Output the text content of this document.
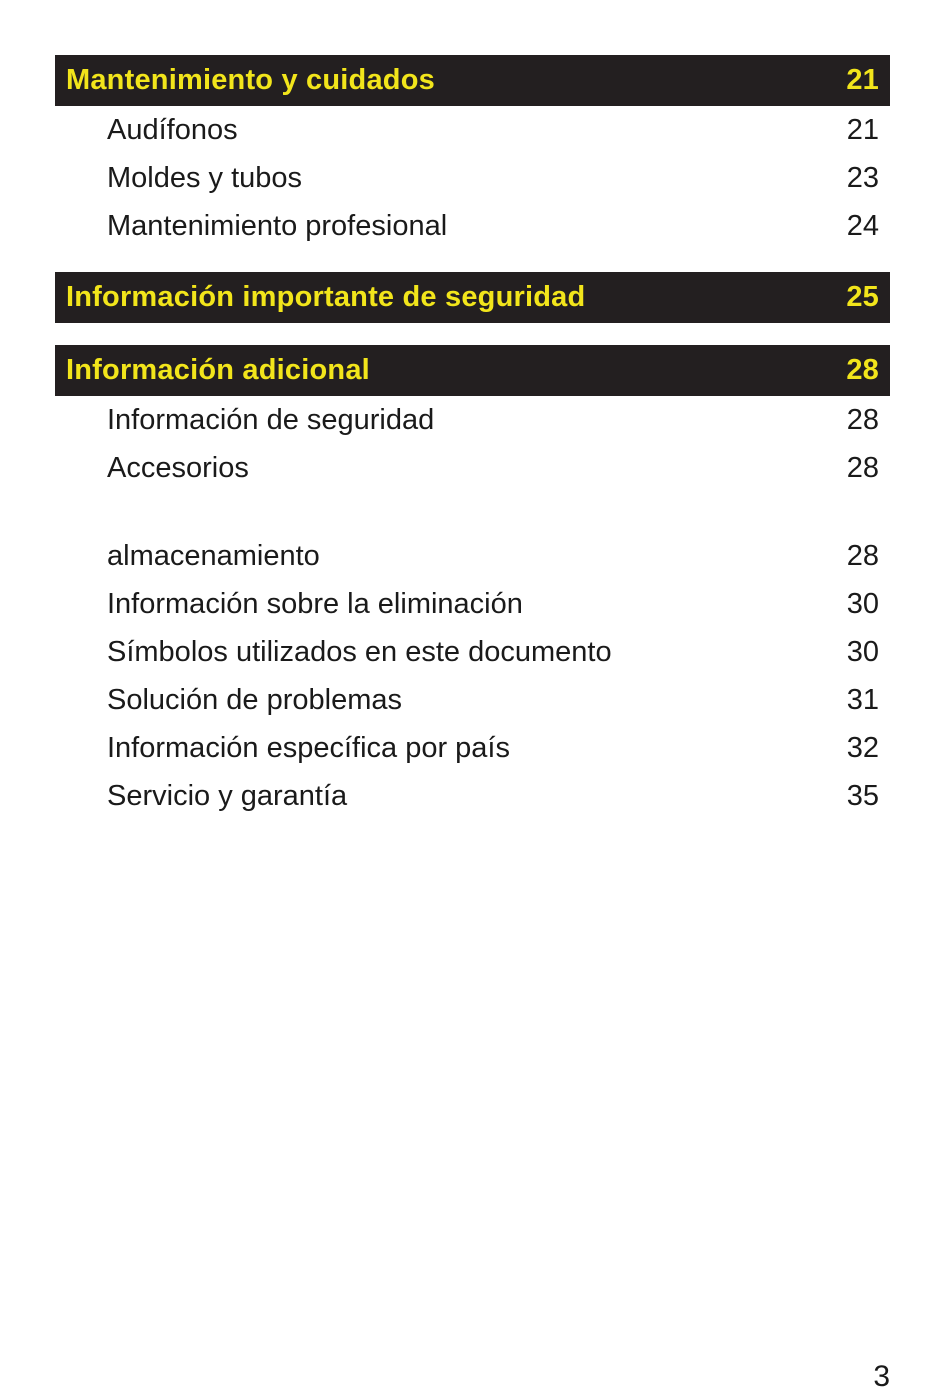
Mantenimiento y cuidados	21
Audífonos	21
Moldes y tubos	23
Mantenimiento profesional	24
Información importante de seguridad	25
Información adicional	28
Información de seguridad	28
Accesorios	28
almacenamiento	28
Información sobre la eliminación	30
Símbolos utilizados en este documento	30
Solución de problemas	31
Información específica por país	32
Servicio y garantía	35
3
